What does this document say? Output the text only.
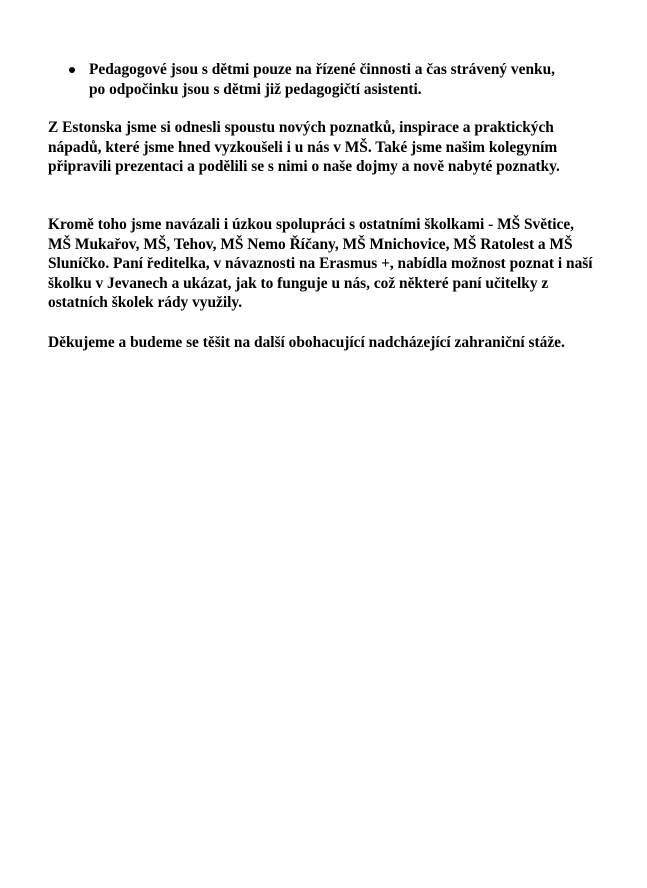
Pedagogové jsou s dětmi pouze na řízené činnosti a čas strávený venku, po odpočinku jsou s dětmi již pedagogičtí asistenti.

Z Estonska jsme si odnesli spoustu nových poznatků, inspirace a praktických nápadů, které jsme hned vyzkoušeli i u nás v MŠ. Také jsme našim kolegyním připravili prezentaci a podělili se s nimi o naše dojmy a nově nabyté poznatky.

Kromě toho jsme navázali i úzkou spolupráci s ostatními školkami - MŠ Světice, MŠ Mukařov, MŠ, Tehov, MŠ Nemo Říčany, MŠ Mnichovice, MŠ Ratolest a MŠ Sluníčko. Paní ředitelka, v návaznosti na Erasmus +, nabídla možnost poznat i naší školku v Jevanech a ukázat, jak to funguje u nás, což některé paní učitelky z ostatních školek rády využily.

Děkujeme a budeme se těšit na další obohacující nadcházející zahraniční stáže.
